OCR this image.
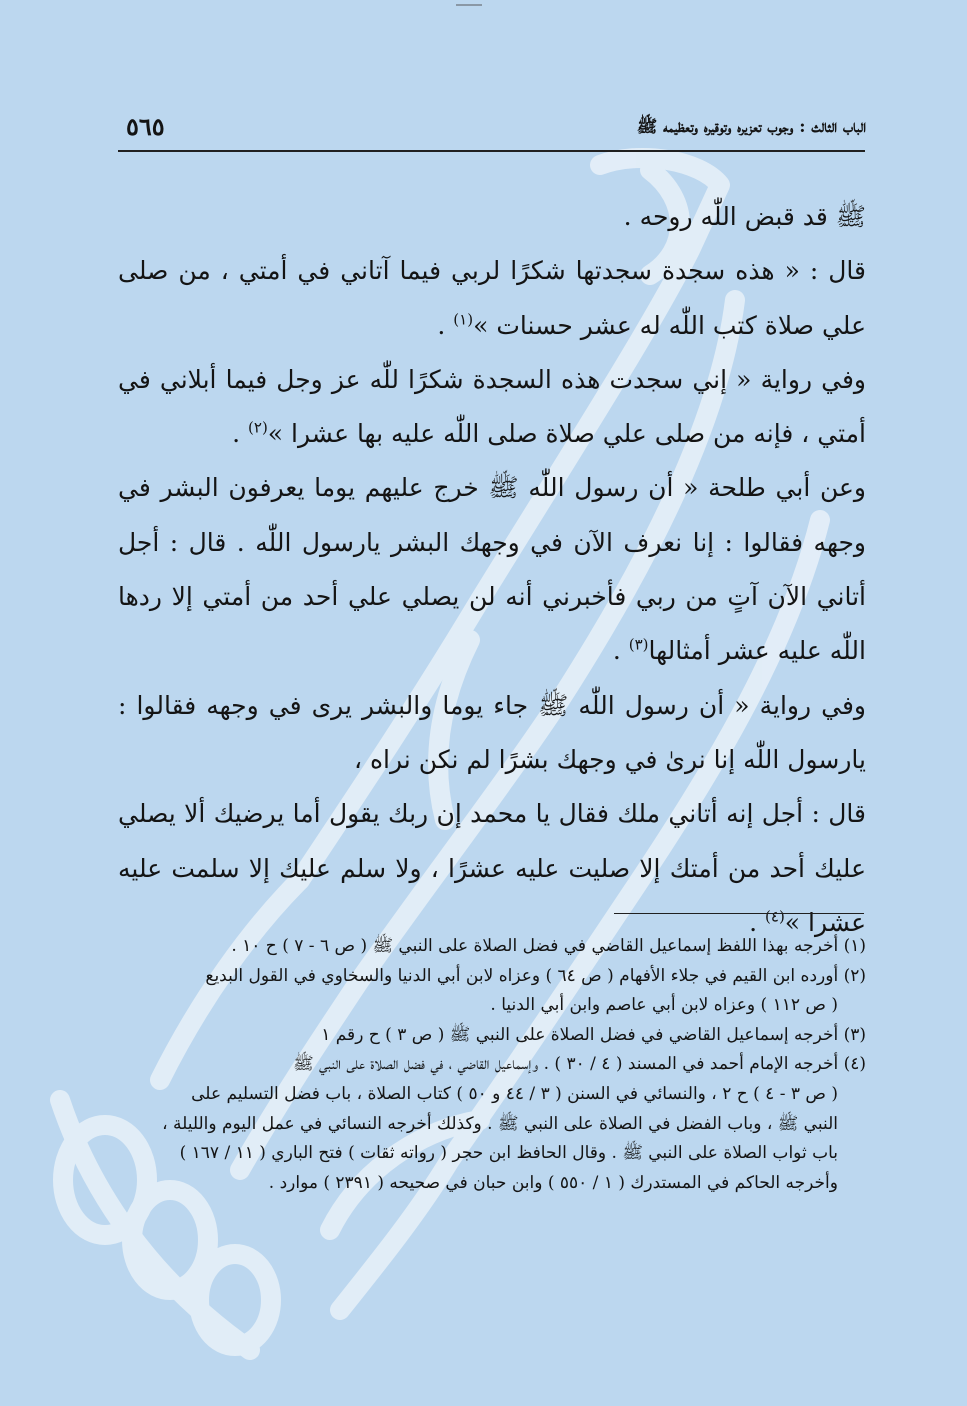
الباب الثالث : وجوب تعزيره وتوقيره وتعظيمه ﷺ
٥٦٥

ﷺ قد قبض اللّٰه روحه .

قال : « هذه سجدة سجدتها شكرًا لربي فيما آتاني في أمتي ، من صلى علي صلاة كتب اللّٰه له عشر حسنات »$^{(١)}$ .

وفي رواية « إني سجدت هذه السجدة شكرًا للّٰه عز وجل فيما أبلاني في أمتي ، فإنه من صلى علي صلاة صلى اللّٰه عليه بها عشرا »$^{(٢)}$ .

وعن أبي طلحة « أن رسول اللّٰه ﷺ خرج عليهم يوما يعرفون البشر في وجهه فقالوا : إنا نعرف الآن في وجهك البشر يارسول اللّٰه . قال : أجل أتاني الآن آتٍ من ربي فأخبرني أنه لن يصلي علي أحد من أمتي إلا ردها اللّٰه عليه عشر أمثالها$^{(٣)}$ .

وفي رواية « أن رسول اللّٰه ﷺ جاء يوما والبشر يرى في وجهه فقالوا : يارسول اللّٰه إنا نرىٰ في وجهك بشرًا لم نكن نراه ،

قال : أجل إنه أتاني ملك فقال يا محمد إن ربك يقول أما يرضيك ألا يصلي عليك أحد من أمتك إلا صليت عليه عشرًا ، ولا سلم عليك إلا سلمت عليه عشرا »$^{(٤)}$ .

(١) أخرجه بهذا اللفظ إسماعيل القاضي في فضل الصلاة على النبي ﷺ ( ص ٦ - ٧ ) ح ١٠ .
(٢) أورده ابن القيم في جلاء الأفهام ( ص ٦٤ ) وعزاه لابن أبي الدنيا والسخاوي في القول البديع
( ص ١١٢ ) وعزاه لابن أبي عاصم وابن أبي الدنيا .
(٣) أخرجه إسماعيل القاضي في فضل الصلاة على النبي ﷺ ( ص ٣ ) ح رقم ١
(٤) أخرجه الإمام أحمد في المسند ( ٤ / ٣٠ ) . وإسماعيل القاضي ، في فضل الصلاة على النبي ﷺ
( ص ٣ - ٤ ) ح ٢ ، والنسائي في السنن ( ٣ / ٤٤ و ٥٠ ) كتاب الصلاة ، باب فضل التسليم على
النبي ﷺ ، وباب الفضل في الصلاة على النبي ﷺ . وكذلك أخرجه النسائي في عمل اليوم والليلة ،
باب ثواب الصلاة على النبي ﷺ . وقال الحافظ ابن حجر ( رواته ثقات ) فتح الباري ( ١١ / ١٦٧ )
وأخرجه الحاكم في المستدرك ( ١ / ٥٥٠ ) وابن حبان في صحيحه ( ٢٣٩١ ) موارد .
